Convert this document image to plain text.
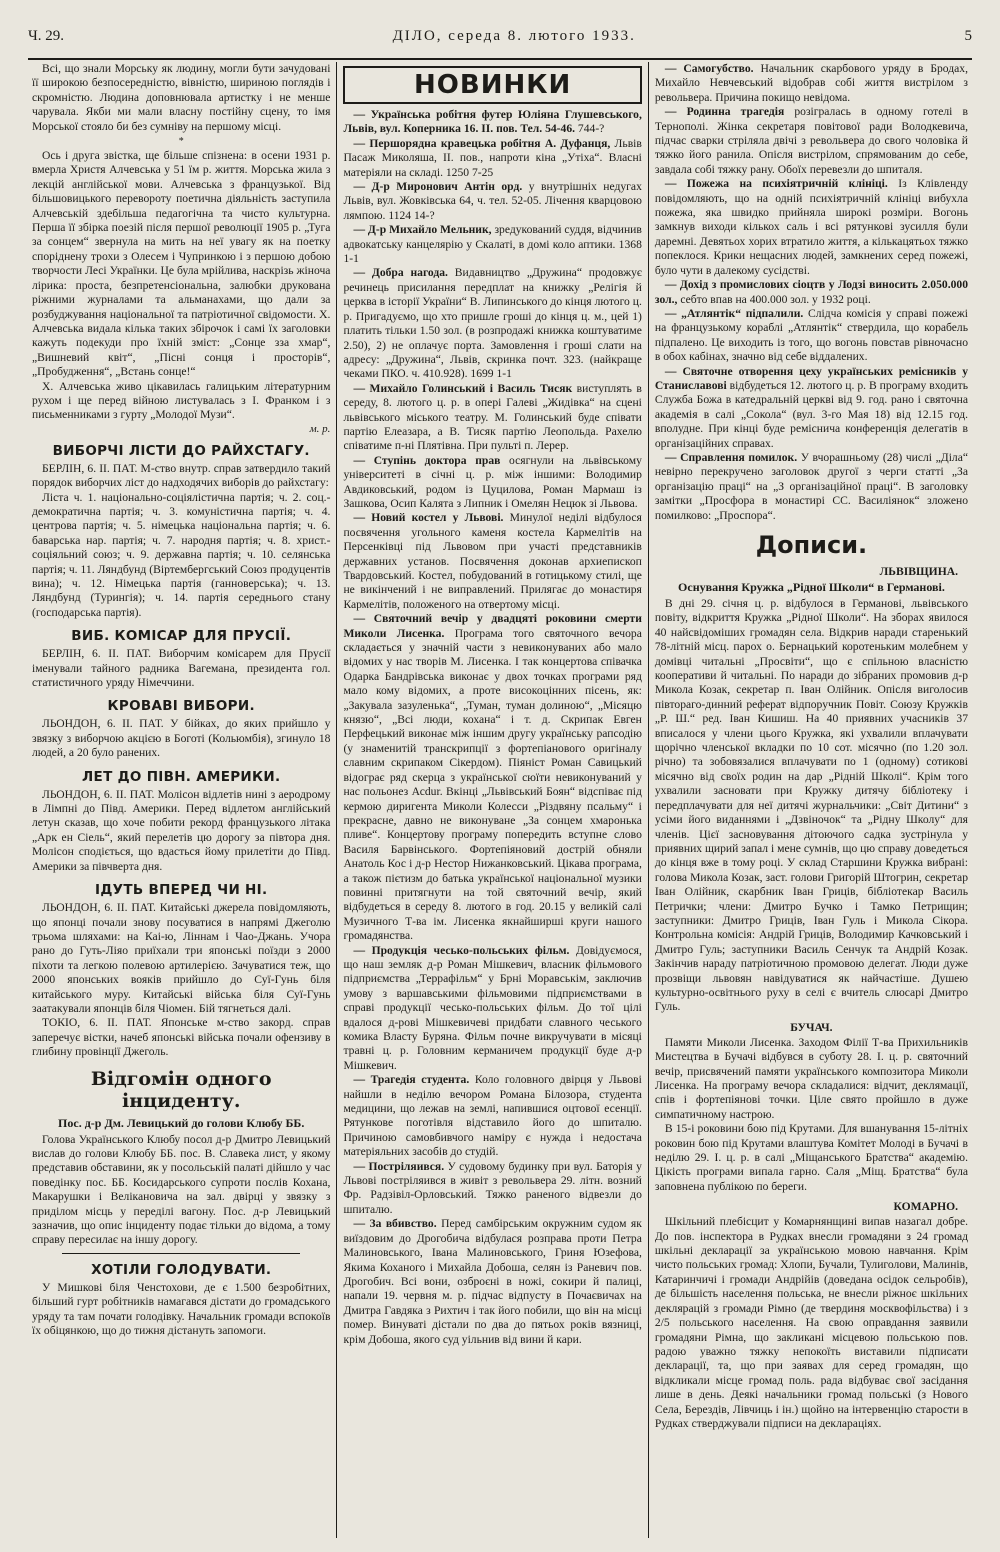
Ч. 29.	ДІЛО, середа 8. лютого 1933.	5

Всі, що знали Морську як людину, могли бути зачудовані її широкою безпосередністю, вівністю, шириною поглядів і скромністю. Людина доповнювала артистку і не менше чарувала. Якби ми мали власну постійну сцену, то імя Морської стояло би без сумніву на першому місці.

*

Ось і друга звістка, ще більше спізнена: в осени 1931 р. вмерла Христя Алчевська у 51 їм р. життя. Морська жила з лекцій англійської мови. Алчевська з французької. Від більшовицького перевороту поетична діяльність заступила Алчевській здебільша педагогічна та чисто культурна. Перша її збірка поезій після першої революції 1905 р. „Туга за сонцем“ звернула на мить на неї увагу як на поетку споріднену трохи з Олесем і Чупринкою і з першою добою творчости Лесі Українки. Це була мрійлива, наскрізь жіноча лірика: проста, безпретенсіональна, залюбки друкована ріжними журналами та альманахами, що дали за розбуджування національної та патріотичної свідомости. Х. Алчевська видала кілька таких збірочок і самі їх заголовки кажуть подекуди про їхній зміст: „Сонце зза хмар“, „Вишневий квіт“, „Пісні сонця і просторів“, „Пробудження“, „Встань сонце!“

Х. Алчевська живо цікавилась галицьким літературним рухом і ще перед війною листувалась з І. Франком і з письменниками з гурту „Молодої Музи“.

м. р.
ВИБОРЧІ ЛІСТИ ДО РАЙХСТАГУ.

БЕРЛІН, 6. ІІ. ПАТ. М-ство внутр. справ затвердило такий порядок виборчих ліст до надходячих виборів до райхстагу:

Ліста ч. 1. національно-соціялістична партія; ч. 2. соц.-демократична партія; ч. 3. комуністична партія; ч. 4. центрова партія; ч. 5. німецька національна партія; ч. 6. баварська нар. партія; ч. 7. народня партія; ч. 8. христ.-соціяльний союз; ч. 9. державна партія; ч. 10. селянська партія; ч. 11. Ляндбунд (Віртембергський Союз продуцентів вина); ч. 12. Німецька партія (ганноверська); ч. 13. Ляндбунд (Турингія); ч. 14. партія середнього стану (господарська партія).

ВИБ. КОМІСАР ДЛЯ ПРУСІЇ.

БЕРЛІН, 6. ІІ. ПАТ. Виборчим комісарем для Прусії іменували тайного радника Вагемана, президента гол. статистичного уряду Німеччини.

КРОВАВІ ВИБОРИ.

ЛЬОНДОН, 6. ІІ. ПАТ. У бійках, до яких прийшло у звязку з виборчою акцією в Боготі (Кольюмбія), згинуло 18 людей, а 20 було ранених.

ЛЕТ ДО ПІВН. АМЕРИКИ.

ЛЬОНДОН, 6. ІІ. ПАТ. Молісон відлетів нині з аеродрому в Лімпні до Півд. Америки. Перед відлетом англійський летун сказав, що хоче побити рекорд французького літака „Арк ен Сіель“, який перелетів цю дорогу за півтора дня. Молісон сподіється, що вдасться йому прилетіти до Півд. Америки за півчверта дня.

ІДУТЬ ВПЕРЕД ЧИ НІ.

ЛЬОНДОН, 6. ІІ. ПАТ. Китайські джерела повідомляють, що японці почали знову посуватися в напрямі Джеголю трьома шляхами: на Каі-ю, Ліннам і Чао-Джань. Учора рано до Гуть-Ліяо приїхали три японські поїзди з 2000 піхоти та легкою полевою артилерією. Зачуватися теж, що 2000 японських вояків прийшло до Суї-Гунь біля китайського муру. Китайські війська біля Суї-Гунь заатакували японців біля Чіомен. Бій тягнеться далі.

ТОКІО, 6. ІІ. ПАТ. Японське м-ство закорд. справ заперечує вістки, начеб японські війська почали офензиву в глибину провінції Джеголь.

Відгомін одного інциденту.
Пос. д-р Дм. Левицький до голови Клюбу ББ.

Голова Українського Клюбу посол д-р Дмитро Левицький вислав до голови Клюбу ББ. пос. В. Славека лист, у якому представив обставини, як у посольській палаті дійшло у час поведінку пос. ББ. Косидарського супроти послів Кохана, Макарушки і Велікановича на зал. двірці у звязку з приділом місць у переділі вагону. Пос. д-р Левицький зазначив, що опис інциденту подає тільки до відома, а тому справу пересилає на іншу дорогу.

ХОТІЛИ ГОЛОДУВАТИ.

У Мишкові біля Ченстохови, де є 1.500 безробітних, більший гурт робітників намагався дістати до громадського уряду та там почати голодівку. Начальник громади вспокоїв їх обіцянкою, що до тижня дістануть запомоги.

НОВИНКИ

— Українська робітня футер Юліяна Глушевського, Львів, вул. Коперника 16. ІІ. пов. Тел. 54-46. 744-?

— Першорядна кравецька робітня А. Дуфанця, Львів Пасаж Миколяша, ІІ. пов., напроти кіна „Утіха“. Власні матеріяли на складі. 1250 7-25

— Д-р Миронович Антін орд. у внутрішніх недугах Львів, вул. Жовківська 64, ч. тел. 52-05. Лічення кварцовою лямпою. 1124 14-?

— Д-р Михайло Мельник, зредукований суддя, відчинив адвокатську канцелярію у Скалаті, в домі коло аптики. 1368 1-1

— Добра нагода. Видавництво „Дружина“ продовжує речинець присилання передплат на книжку „Релігія й церква в історії України“ В. Липинського до кінця лютого ц. р. Пригадуємо, що хто пришле гроші до кінця ц. м., цей 1) платить тільки 1.50 зол. (в розпродажі книжка коштуватиме 2.50), 2) не оплачує порта. Замовлення і гроші слати на адресу: „Дружина“, Львів, скринка почт. 323. (найкраще чеками ПКО. ч. 410.928). 1699 1-1

— Михайло Голинський і Василь Тисяк виступлять в середу, 8. лютого ц. р. в опері Галеві „Жидівка“ на сцені львівського міського театру. М. Голинський буде співати партію Елеазара, а В. Тисяк партію Леопольда. Рахелю співатиме п-ні Плятівна. При пульті п. Лерер.

— Ступінь доктора прав осягнули на львівському університеті в січні ц. р. між іншими: Володимир Авдиковський, родом із Цуцилова, Роман Мармаш із Зашкова, Осип Калята з Липник і Омелян Нецюк зі Львова.

— Новий костел у Львові. Минулої неділі відбулося посвячення угольного каменя костела Кармелітів на Персенківці під Львовом при участі представників державних установ. Посвячення доконав архиепископ Твардовський. Костел, побудований в готицькому стилі, ще не викінчений і не виправлений. Прилягає до монастиря Кармелітів, положеного на отвертому місці.

— Святочний вечір у двадцяті роковини смерти Миколи Лисенка. Програма того святочного вечора складається у значній части з невиконуваних або мало відомих у нас творів М. Лисенка. І так концертова співачка Одарка Бандрівська виконає у двох точках програми ряд мало кому відомих, а проте високоцінних пісень, як: „Закувала зазуленька“, „Туман, туман долиною“, „Місяцю князю“, „Всі люди, кохана“ і т. д. Скрипак Евген Перфецький виконає між іншим другу українську рапсодію (у знаменитій транскрипції з фортепіанового оригіналу славним скрипаком Сікердом). Піяніст Роман Савицький відограє ряд скерца з української сюїти невиконуваний у нас польонез Асdur. Вкінці „Львівський Боян“ відспіває під кермою диригента Миколи Колесси „Різдвяну псальму“ і прекрасне, давно не виконуване „За сонцем хмаронька пливе“. Концертову програму попередить вступне слово Василя Барвінського. Фортепіяновий дострій обняли Анатоль Кос і д-р Нестор Нижанковський. Цікава програма, а також пієтизм до батька української національної музики повинні притягнути на той святочний вечір, який відбудеться в середу 8. лютого в год. 20.15 у великій салі Музичного Т-ва ім. Лисенка якнайширші круги нашого громадянства.

— Продукція чесько-польських фільм. Довідуємося, що наш земляк д-р Роман Мішкевич, власник фільмового підприємства „Террафільм“ у Брні Моравськім, заключив умову з варшавськими фільмовими підприємствами в справі продукції чесько-польських фільм. До тої цілі вдалося д-рові Мішкевичеві придбати славного чеського комика Власту Буряна. Фільм почне викручувати в місяці травні ц. р. Головним керманичем продукції буде д-р Мішкевич.

— Трагедія студента. Коло головного двірця у Львові найшли в неділю вечором Романа Білозора, студента медицини, що лежав на землі, напившися оцтової есенції. Рятункове поготівля відставило його до шпиталю. Причиною самовбивчого наміру є нужда і недостача матеріяльних засобів до студій.

— Постріляився. У судовому будинку при вул. Баторія у Львові постріляився в живіт з револьвера 29. літн. возний Фр. Радзівіл-Орловський. Тяжко раненого відвезли до шпиталю.

— За вбивство. Перед самбірським окружним судом як виїздовим до Дрогобича відбулася розправа проти Петра Малиновського, Івана Малиновського, Гриня Юзефова, Якима Коханого і Михайла Добоша, селян із Раневич пов. Дрогобич. Всі вони, озброєні в ножі, сокири й палиці, напали 19. червня м. р. підчас відпусту в Почаєвичах на Дмитра Гавдяка з Рихтич і так його побили, що він на місці помер. Винуваті дістали по два до пятьох років вязниці, крім Добоша, якого суд уільнив від вини й кари.

— Самогубство. Начальник скарбового уряду в Бродах, Михайло Невчевський відобрав собі життя вистрілом з револьвера. Причина покищо невідома.

— Родинна трагедія розігралась в одному готелі в Тернополі. Жінка секретаря повітової ради Володкевича, підчас сварки стріляла двічі з револьвера до свого чоловіка й тяжко його ранила. Опісля вистрілом, спрямованим до себе, завдала собі тяжку рану. Обоїх перевезли до шпиталя.

— Пожежа на психіятричній клініці. Із Клівленду повідомляють, що на одній психіятричній клініці вибухла пожежа, яка швидко прийняла широкі розміри. Вогонь замкнув виходи кількох саль і всі рятункові зусилля були даремні. Девятьох хорих втратило життя, а кількацятьох тяжко попеклося. Крики нещасних людей, замкнених серед пожежі, було чути в далекому сусідстві.

— Дохід з промислових сіоцтв у Лодзі виносить 2.050.000 зол., себто впав на 400.000 зол. у 1932 році.

— „Атлянтік“ підпалили. Слідча комісія у справі пожежі на французькому кораблі „Атлянтік“ ствердила, що корабель підпалено. Це виходить із того, що вогонь повстав рівночасно в обох кабінах, значно від себе віддалених.

— Святочне отворення цеху українських ремісників у Станиславові відбудеться 12. лютого ц. р. В програму входить Служба Божа в катедральній церкві від 9. год. рано і святочна академія в салі „Сокола“ (вул. 3-го Мая 18) від 12.15 год. вполудне. При кінці буде реміснича конференція делегатів в організаційних справах.

— Справлення помилок. У вчорашньому (28) числі „Діла“ невірно перекручено заголовок другої з черги статті „За організацію праці“ на „З організаційної праці“. В заголовку замітки „Просфора в монастирі СС. Василіянок“ зложено помилково: „Проспора“.

Дописи.
ЛЬВІВЩИНА.
Оснування Кружка „Рідної Школи“ в Германові.

В дні 29. січня ц. р. відбулося в Германові, львівського повіту, відкриття Кружка „Рідної Школи“. На зборах явилося 40 найсвідоміших громадян села. Відкрив наради старенький 78-літній місц. парох о. Бернацький коротеньким молебнем у домівці читальні „Просвіти“, що є спільною власністю кооперативи й читальні. По наради до зібраних промовив д-р Микола Козак, секретар п. Іван Олійник. Опісля виголосив півтораго-динний реферат відпоручник Повіт. Союзу Кружків „Р. Ш.“ ред. Іван Кишиш. На 40 приявних учасників 37 вписалося у члени цього Кружка, які ухвалили вплачувати щорічно членської вкладки по 10 сот. місячно (по 1.20 зол. річно) та зобовязалися вплачувати по 1 (одному) сотикові місячно від своїх родин на дар „Рідній Школі“. Крім того ухвалили засновати при Кружку дитячу бібліотеку і передплачувати для неї дитячі журнальчики: „Світ Дитини“ з усіми його виданнями і „Дзвіночок“ та „Рідну Школу“ для членів. Цієї засновування дітоючого садка зустрінула у приявних щирий запал і мене сумнів, що цю справу доведеться до кінця вже в тому році. У склад Старшини Кружка вибрані: голова Микола Козак, заст. голови Григорій Штогрин, секретар Іван Олійник, скарбник Іван Гриців, бібліотекар Василь Петрички; члени: Дмитро Бучко і Тамко Петрищин; заступники: Дмитро Гриців, Іван Гуль і Микола Сікора. Контрольна комісія: Андрій Гриців, Володимир Качковський і Дмитро Гуль; заступники Василь Сенчук та Андрій Козак. Закінчив нараду патріотичною промовою делегат. Люди дуже прозвіщи львовян навідуватися як найчастіше. Душею культурно-освітнього руху в селі є вчитель слюсарі Дмитро Гуль.

БУЧАЧ.

Памяти Миколи Лисенка. Заходом Філії Т-ва Прихильників Мистецтва в Бучачі відбувся в суботу 28. І. ц. р. святочний вечір, присвячений памяти українського композитора Миколи Лисенка. На програму вечора складалися: відчит, деклямації, спів і фортепіянові точки. Ціле свято пройшло в дуже симпатичному настрою.

В 15-і роковини бою під Крутами. Для вшанування 15-літніх роковин бою під Крутами влаштува Комітет Молоді в Бучачі в неділю 29. І. ц. р. в салі „Міщанського Братства“ академію. Цікість програми випала гарно. Саля „Міщ. Братства“ була заповнена публікою по береги.

КОМАРНО.

Шкільний плебісцит у Комарнянщині випав назагал добре. До пов. інспектора в Рудках внесли громадяни з 24 громад шкільні декларації за українською мовою навчання. Крім чисто польських громад: Хлопи, Бучали, Тулиголови, Малинів, Катаринчичі і громади Андрійів (доведана осідок сельробів), де більшість населення польська, не внесли ріжноє шкільних деклярацій з громади Рімно (де твердиня москвофільства) і з 2/5 польського населення. На свою оправдання заявили громадяни Рімна, що закликані місцевою польською пов. радою уважно тяжку непокоїть виставили підписати декларації, та, що при заявах для серед громадян, що відкликали місце громад поль. рада відбуває свої засідання лише в день. Деякі начальники громад польські (з Нового Села, Берездів, Лівчиць і ін.) щойно на інтервенцію старости в Рудках стверджували підписи на деклараціях.
